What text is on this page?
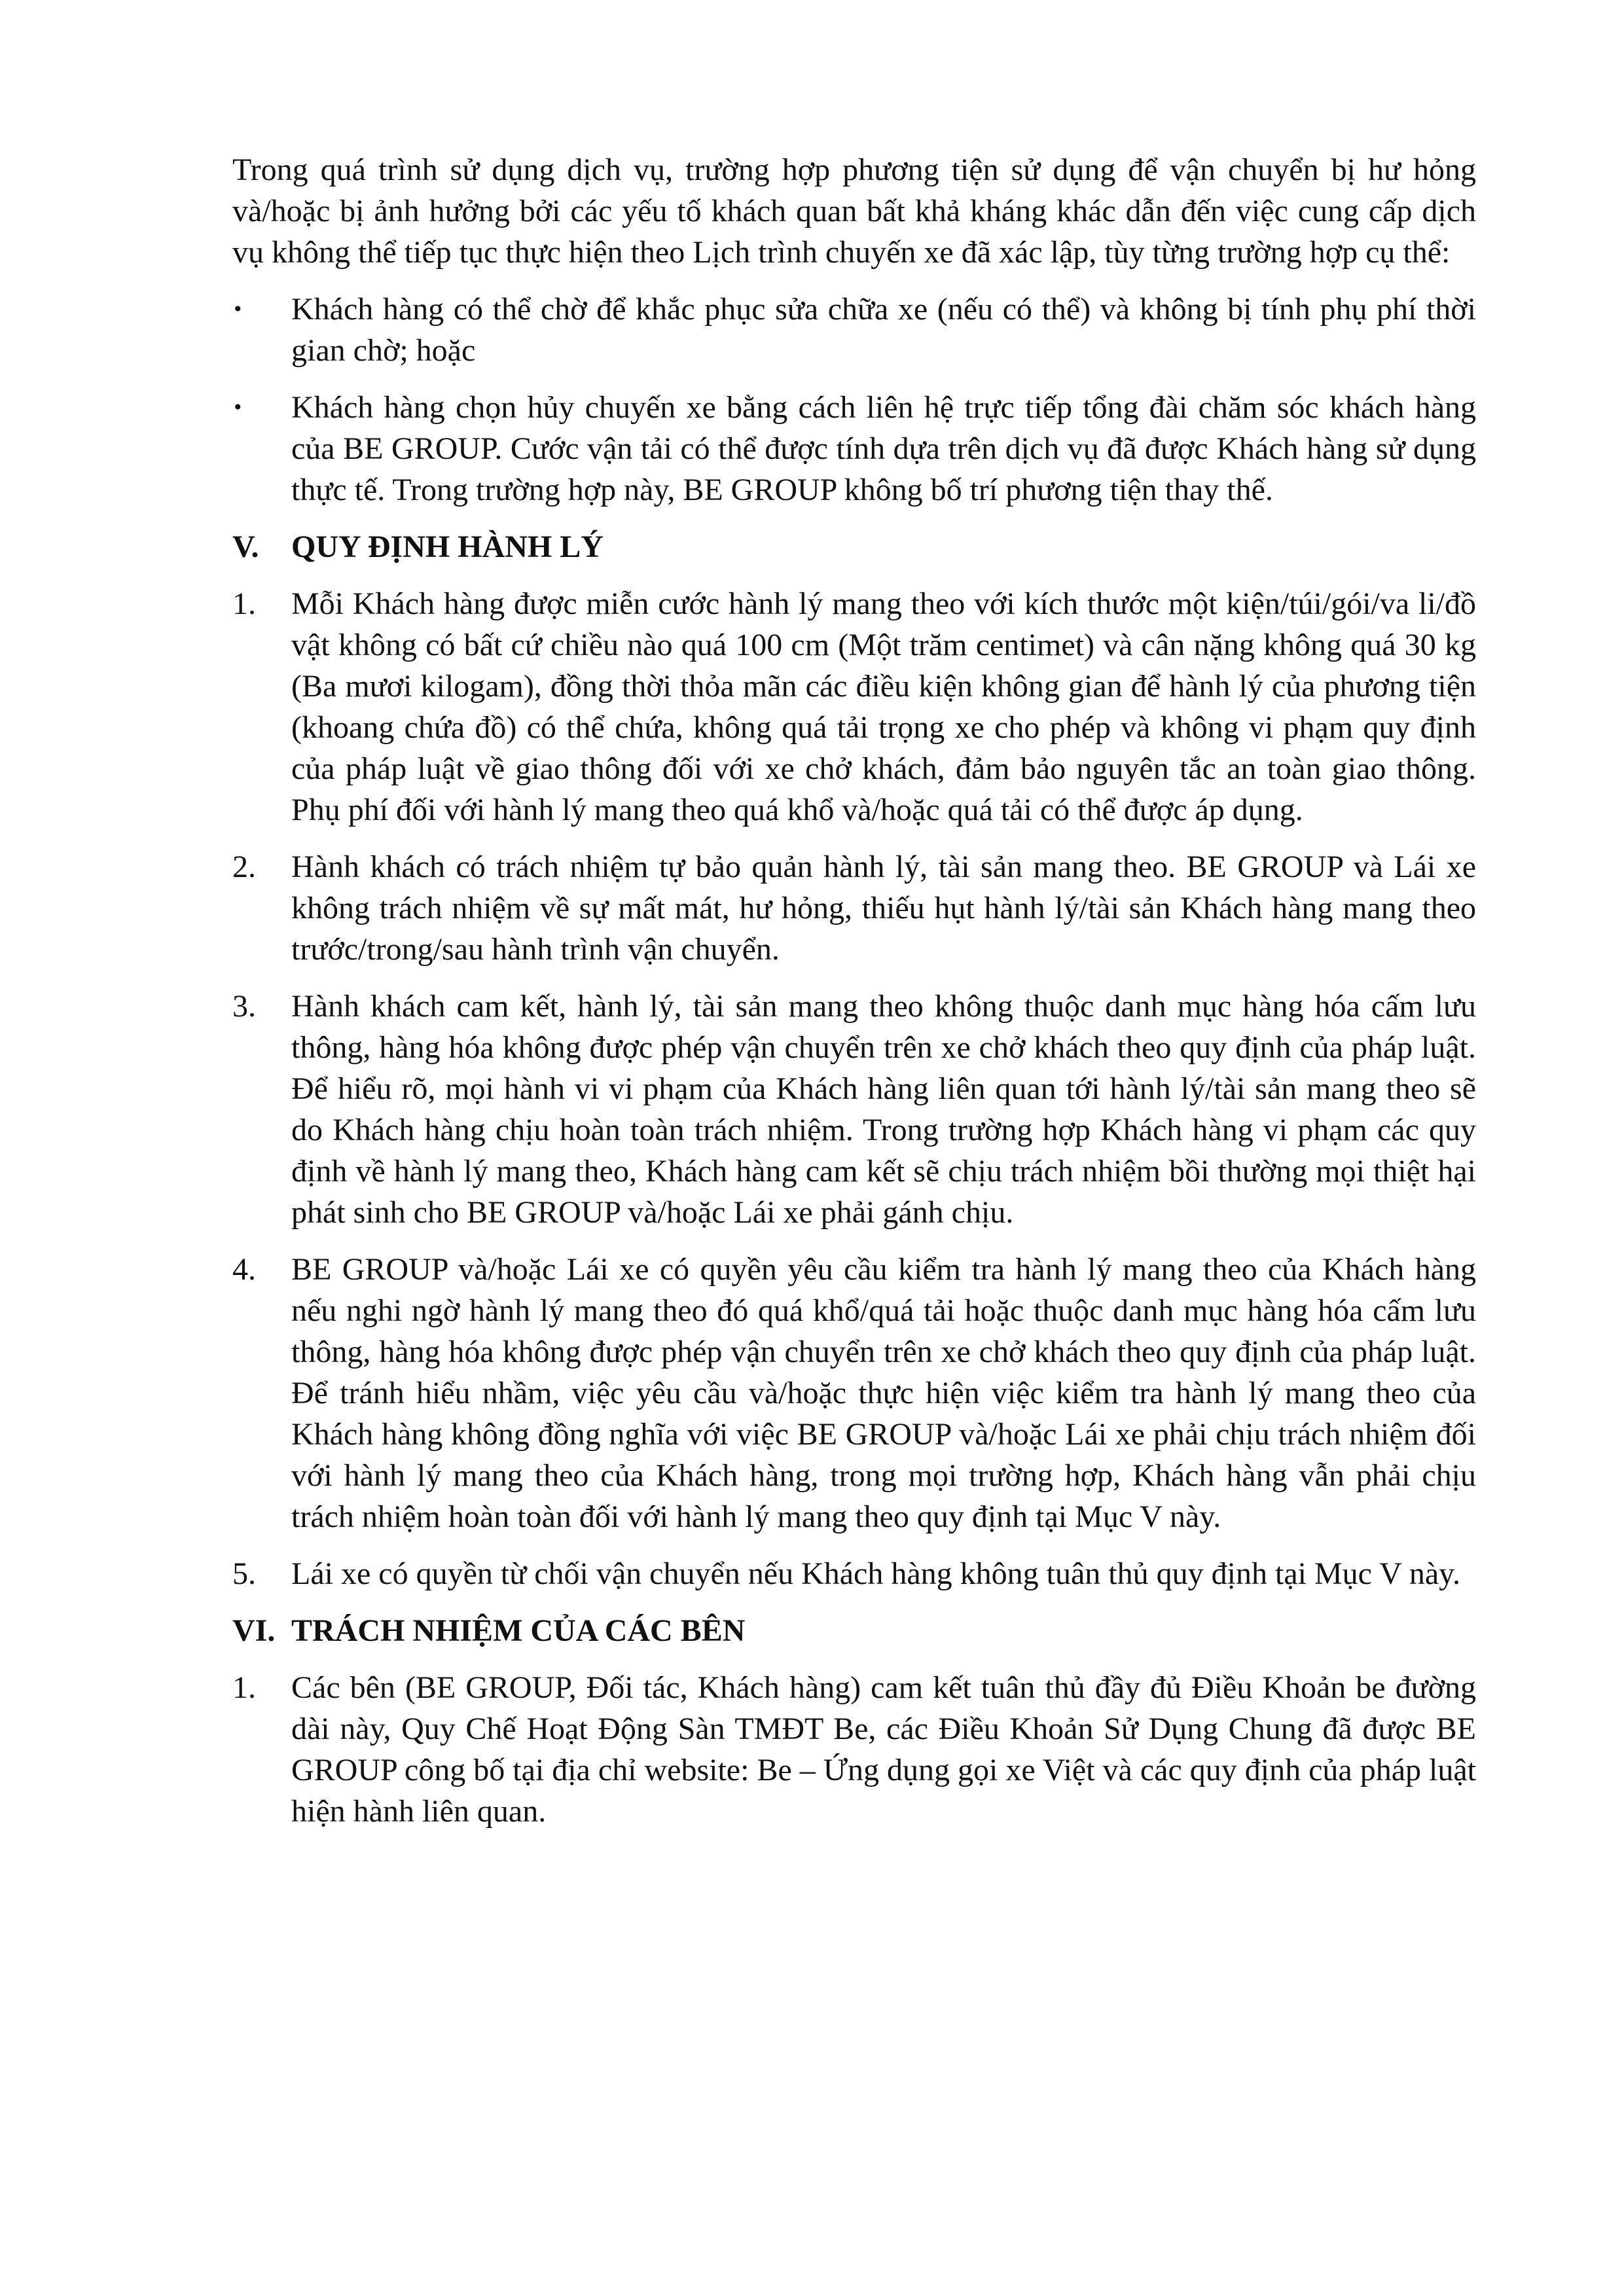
Trong quá trình sử dụng dịch vụ, trường hợp phương tiện sử dụng để vận chuyển bị hư hỏng và/hoặc bị ảnh hưởng bởi các yếu tố khách quan bất khả kháng khác dẫn đến việc cung cấp dịch vụ không thể tiếp tục thực hiện theo Lịch trình chuyến xe đã xác lập, tùy từng trường hợp cụ thể:

• Khách hàng có thể chờ để khắc phục sửa chữa xe (nếu có thể) và không bị tính phụ phí thời gian chờ; hoặc
• Khách hàng chọn hủy chuyến xe bằng cách liên hệ trực tiếp tổng đài chăm sóc khách hàng của BE GROUP. Cước vận tải có thể được tính dựa trên dịch vụ đã được Khách hàng sử dụng thực tế. Trong trường hợp này, BE GROUP không bố trí phương tiện thay thế.
V. QUY ĐỊNH HÀNH LÝ
1.	Mỗi Khách hàng được miễn cước hành lý mang theo với kích thước một kiện/túi/gói/va li/đồ vật không có bất cứ chiều nào quá 100 cm (Một trăm centimet) và cân nặng không quá 30 kg (Ba mươi kilogam), đồng thời thỏa mãn các điều kiện không gian để hành lý của phương tiện (khoang chứa đồ) có thể chứa, không quá tải trọng xe cho phép và không vi phạm quy định của pháp luật về giao thông đối với xe chở khách, đảm bảo nguyên tắc an toàn giao thông. Phụ phí đối với hành lý mang theo quá khổ và/hoặc quá tải có thể được áp dụng.
2.	Hành khách có trách nhiệm tự bảo quản hành lý, tài sản mang theo. BE GROUP và Lái xe không trách nhiệm về sự mất mát, hư hỏng, thiếu hụt hành lý/tài sản Khách hàng mang theo trước/trong/sau hành trình vận chuyển.
3.	Hành khách cam kết, hành lý, tài sản mang theo không thuộc danh mục hàng hóa cấm lưu thông, hàng hóa không được phép vận chuyển trên xe chở khách theo quy định của pháp luật. Để hiểu rõ, mọi hành vi vi phạm của Khách hàng liên quan tới hành lý/tài sản mang theo sẽ do Khách hàng chịu hoàn toàn trách nhiệm. Trong trường hợp Khách hàng vi phạm các quy định về hành lý mang theo, Khách hàng cam kết sẽ chịu trách nhiệm bồi thường mọi thiệt hại phát sinh cho BE GROUP và/hoặc Lái xe phải gánh chịu.
4.	BE GROUP và/hoặc Lái xe có quyền yêu cầu kiểm tra hành lý mang theo của Khách hàng nếu nghi ngờ hành lý mang theo đó quá khổ/quá tải hoặc thuộc danh mục hàng hóa cấm lưu thông, hàng hóa không được phép vận chuyển trên xe chở khách theo quy định của pháp luật. Để tránh hiểu nhầm, việc yêu cầu và/hoặc thực hiện việc kiểm tra hành lý mang theo của Khách hàng không đồng nghĩa với việc BE GROUP và/hoặc Lái xe phải chịu trách nhiệm đối với hành lý mang theo của Khách hàng, trong mọi trường hợp, Khách hàng vẫn phải chịu trách nhiệm hoàn toàn đối với hành lý mang theo quy định tại Mục V này.
5.	Lái xe có quyền từ chối vận chuyển nếu Khách hàng không tuân thủ quy định tại Mục V này.
VI. TRÁCH NHIỆM CỦA CÁC BÊN
1.	Các bên (BE GROUP, Đối tác, Khách hàng) cam kết tuân thủ đầy đủ Điều Khoản be đường dài này, Quy Chế Hoạt Động Sàn TMĐT Be, các Điều Khoản Sử Dụng Chung đã được BE GROUP công bố tại địa chỉ website: Be – Ứng dụng gọi xe Việt và các quy định của pháp luật hiện hành liên quan.
